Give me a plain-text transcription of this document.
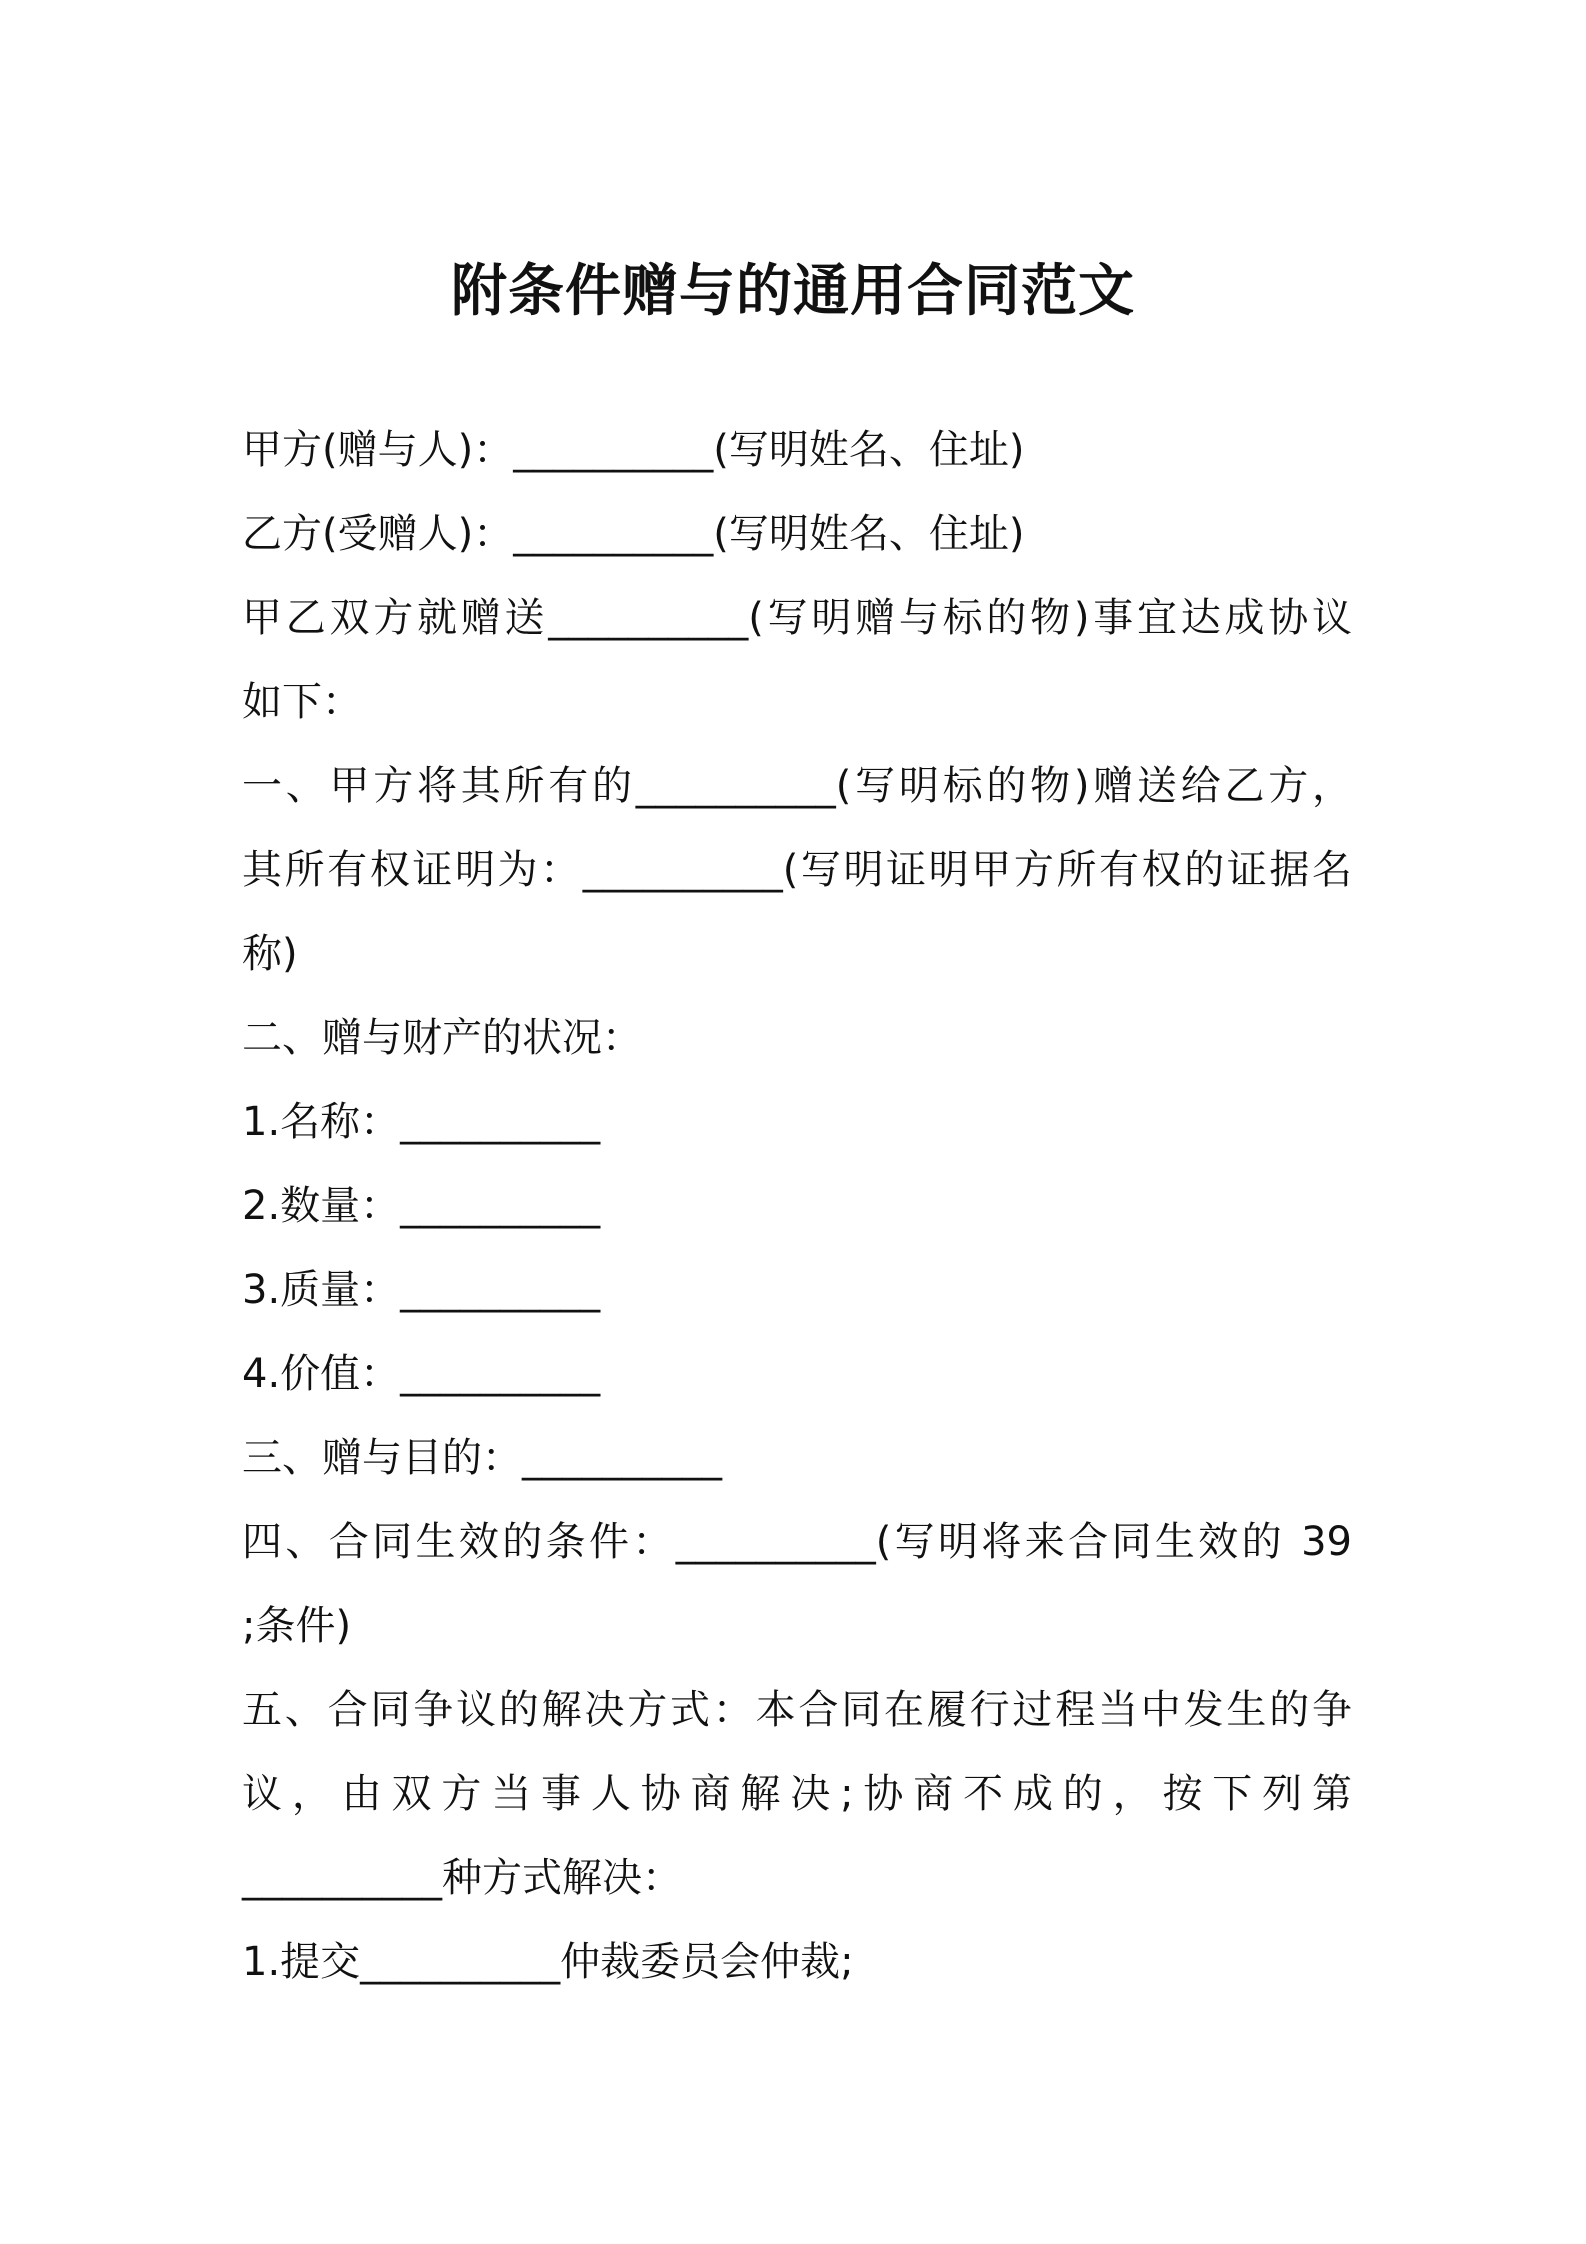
附条件赠与的通用合同范文
甲方(赠与人)：__________(写明姓名、住址)
乙方(受赠人)：__________(写明姓名、住址)
甲乙双方就赠送__________(写明赠与标的物)事宜达成协议
如下：
一、甲方将其所有的__________(写明标的物)赠送给乙方，
其所有权证明为：__________(写明证明甲方所有权的证据名
称)
二、赠与财产的状况：
1.名称：__________
2.数量：__________
3.质量：__________
4.价值：__________
三、赠与目的：__________
四、合同生效的条件：__________(写明将来合同生效的 39
;条件)
五、合同争议的解决方式：本合同在履行过程当中发生的争
议，由双方当事人协商解决;协商不成的，按下列第
__________种方式解决：
1.提交__________仲裁委员会仲裁;
